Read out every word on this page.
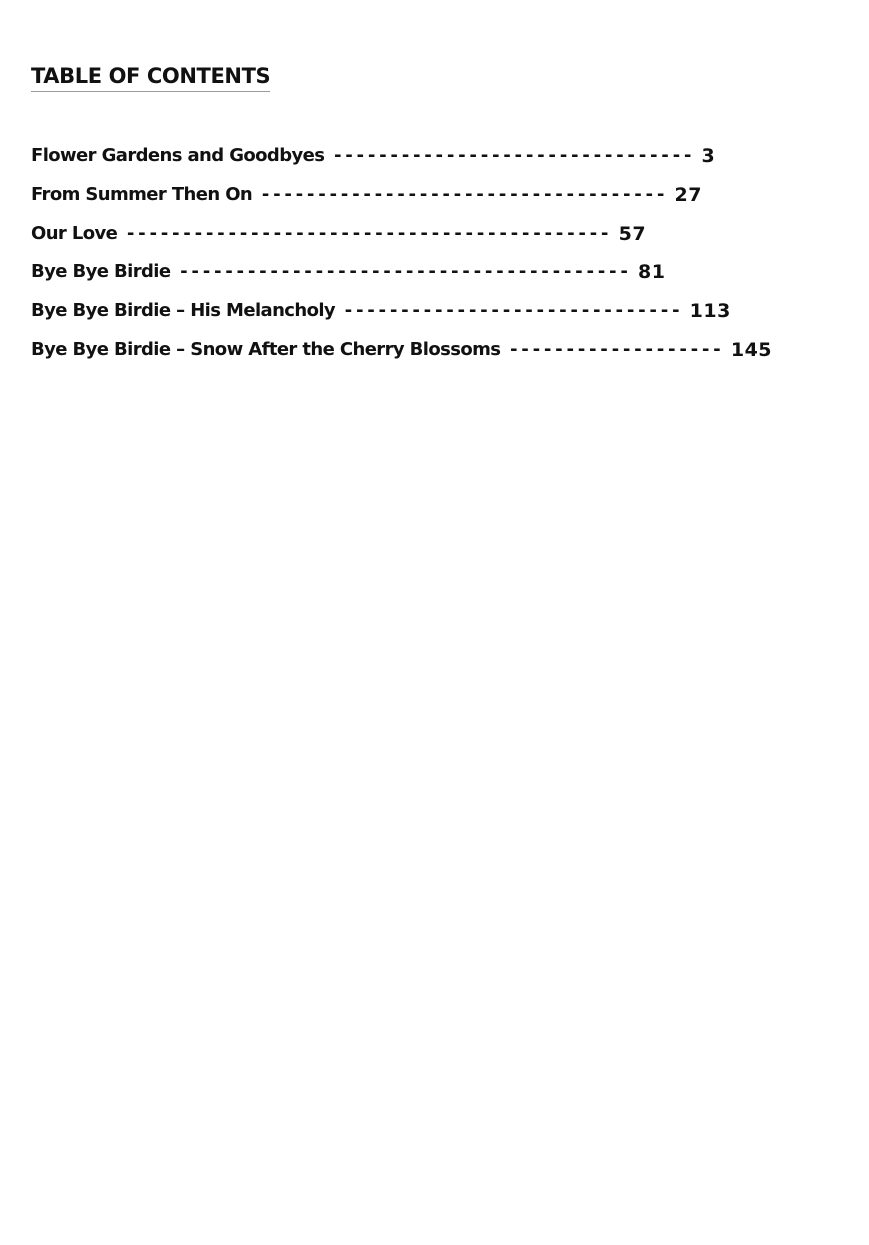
TABLE OF CONTENTS
Flower Gardens and Goodbyes -------------------------------- 3
From Summer Then On ------------------------------------ 27
Our Love ------------------------------------------- 57
Bye Bye Birdie ---------------------------------------- 81
Bye Bye Birdie – His Melancholy ------------------------------ 113
Bye Bye Birdie – Snow After the Cherry Blossoms ------------------- 145
